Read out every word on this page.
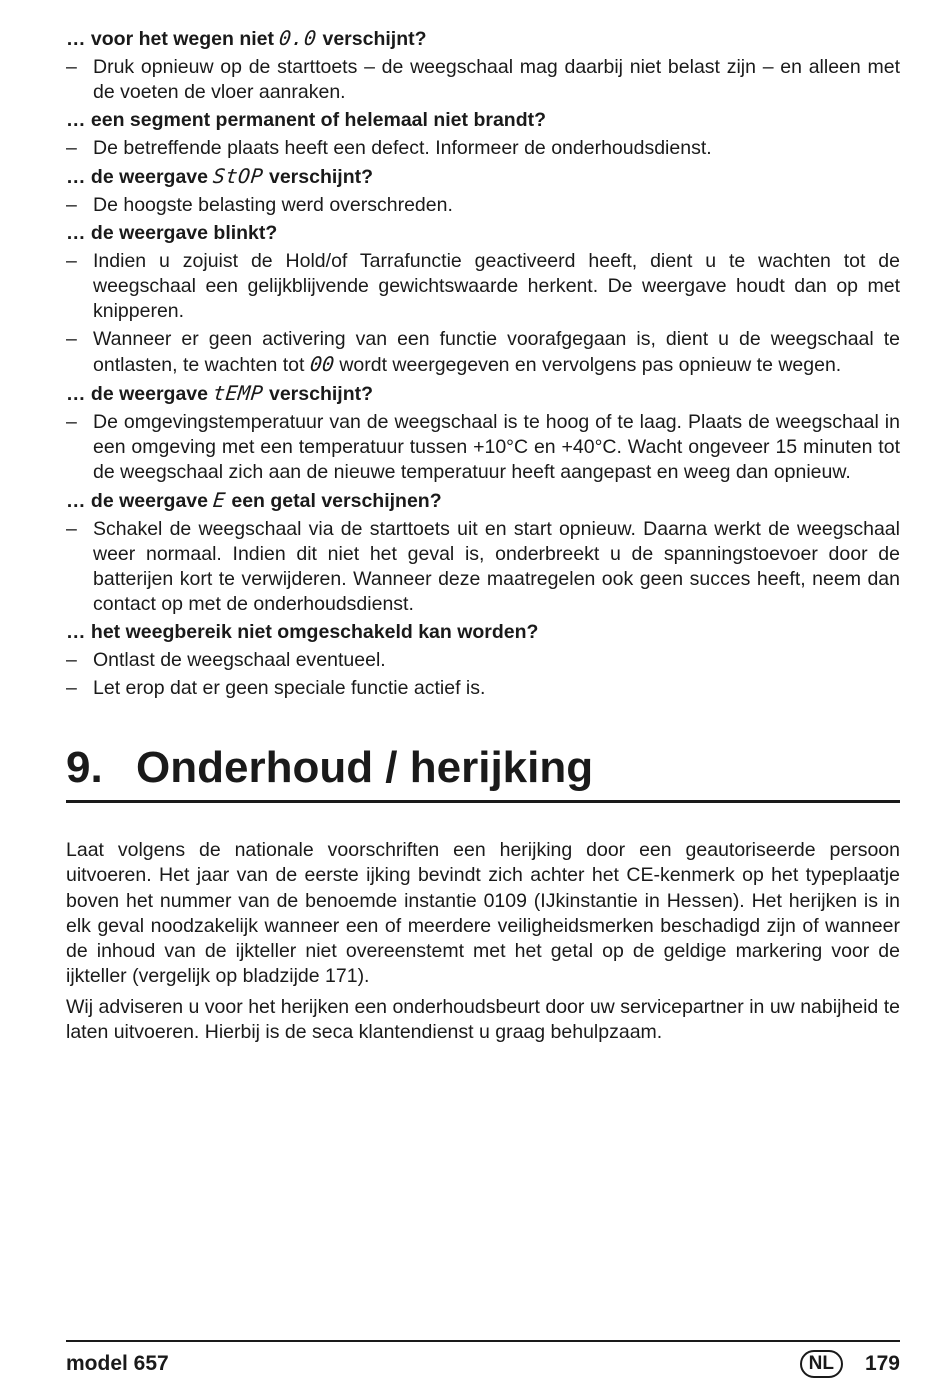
… voor het wegen niet 0.0 verschijnt?

– Druk opnieuw op de starttoets – de weegschaal mag daarbij niet belast zijn – en alleen met de voeten de vloer aanraken.

… een segment permanent of helemaal niet brandt?

– De betreffende plaats heeft een defect. Informeer de onderhoudsdienst.

… de weergave StOP verschijnt?

– De hoogste belasting werd overschreden.

… de weergave blinkt?

– Indien u zojuist de Hold/of Tarrafunctie geactiveerd heeft, dient u te wachten tot de weegschaal een gelijkblijvende gewichtswaarde herkent. De weergave houdt dan op met knipperen.

– Wanneer er geen activering van een functie voorafgegaan is, dient u de weegschaal te ontlasten, te wachten tot 00 wordt weergegeven en vervolgens pas opnieuw te wegen.

… de weergave tEMP verschijnt?

– De omgevingstemperatuur van de weegschaal is te hoog of te laag. Plaats de weegschaal in een omgeving met een temperatuur tussen +10°C en +40°C. Wacht ongeveer 15 minuten tot de weegschaal zich aan de nieuwe temperatuur heeft aangepast en weeg dan opnieuw.

… de weergave E een getal verschijnen?

– Schakel de weegschaal via de starttoets uit en start opnieuw. Daarna werkt de weegschaal weer normaal. Indien dit niet het geval is, onderbreekt u de spanningstoevoer door de batterijen kort te verwijderen. Wanneer deze maatregelen ook geen succes heeft, neem dan contact op met de onderhoudsdienst.

… het weegbereik niet omgeschakeld kan worden?

– Ontlast de weegschaal eventueel.

– Let erop dat er geen speciale functie actief is.

9. Onderhoud / herijking

Laat volgens de nationale voorschriften een herijking door een geautoriseerde persoon uitvoeren. Het jaar van de eerste ijking bevindt zich achter het CE-kenmerk op het typeplaatje boven het nummer van de benoemde instantie 0109 (IJkinstantie in Hessen). Het herijken is in elk geval noodzakelijk wanneer een of meerdere veiligheidsmerken beschadigd zijn of wanneer de inhoud van de ijkteller niet overeenstemt met het getal op de geldige markering voor de ijkteller (vergelijk op bladzijde 171).

Wij adviseren u voor het herijken een onderhoudsbeurt door uw servicepartner in uw nabijheid te laten uitvoeren. Hierbij is de seca klantendienst u graag behulpzaam.

model 657	NL	179
